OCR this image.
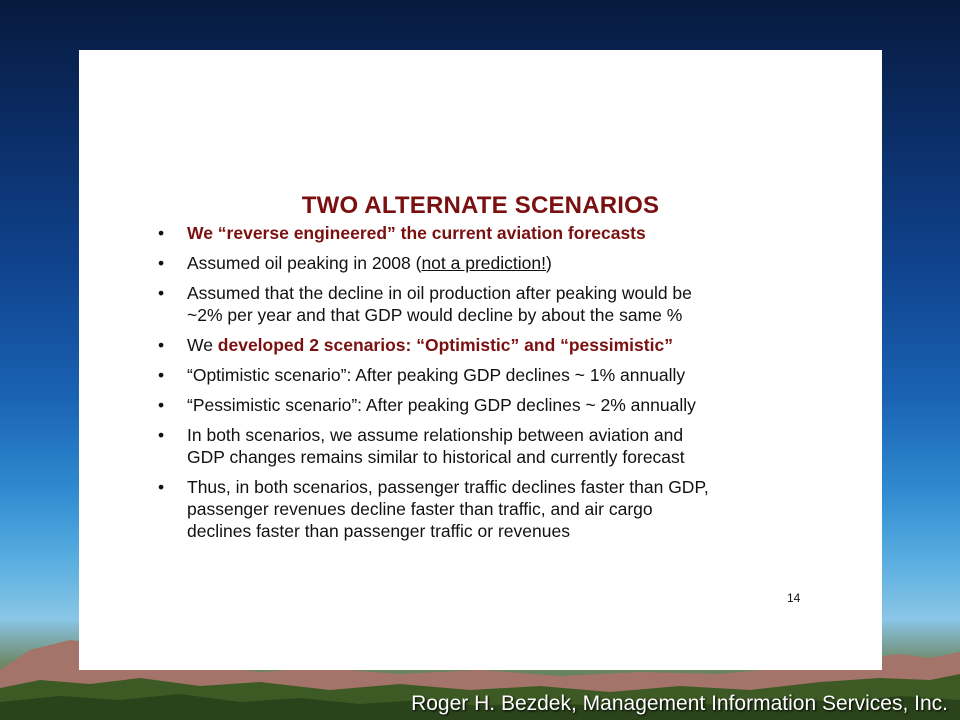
TWO ALTERNATE SCENARIOS
• We “reverse engineered” the current aviation forecasts
• Assumed oil peaking in 2008 (not a prediction!)
• Assumed that the decline in oil production after peaking would be
~2% per year and that GDP would decline by about the same %
• We developed 2 scenarios: “Optimistic” and “pessimistic”
• “Optimistic scenario”: After peaking GDP declines ~ 1% annually
• “Pessimistic scenario”: After peaking GDP declines ~ 2% annually
• In both scenarios, we assume relationship between aviation and
GDP changes remains similar to historical and currently forecast
• Thus, in both scenarios, passenger traffic declines faster than GDP,
passenger revenues decline faster than traffic, and air cargo
declines faster than passenger traffic or revenues
14
Roger H. Bezdek, Management Information Services, Inc.
